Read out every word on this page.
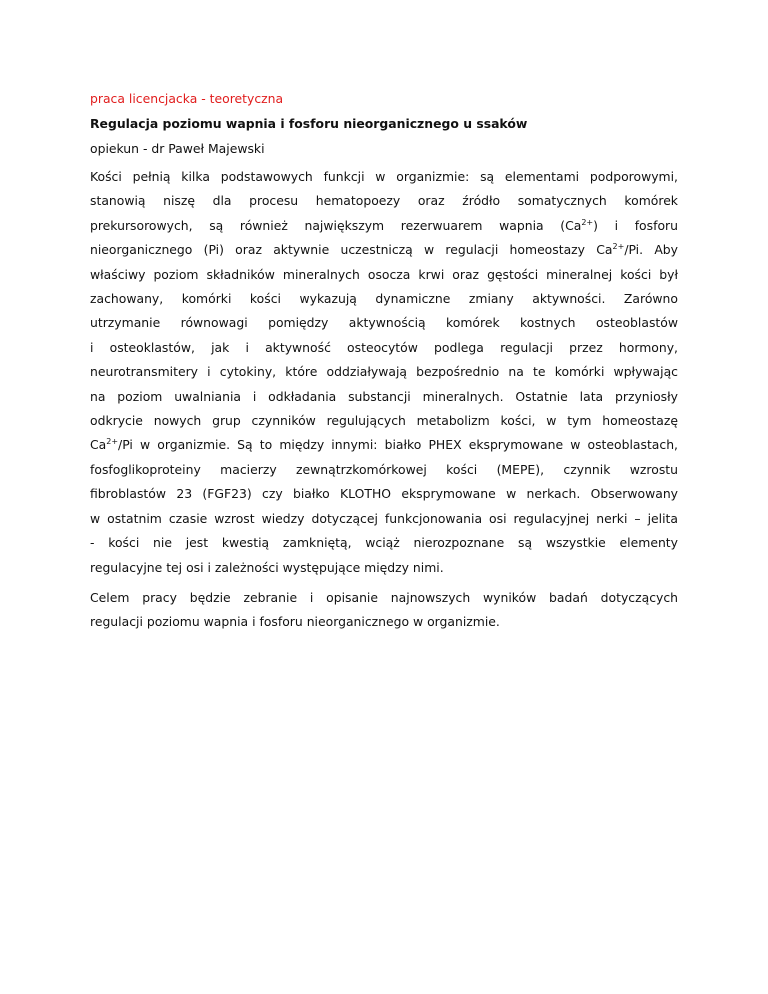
praca licencjacka - teoretyczna
Regulacja poziomu wapnia i fosforu nieorganicznego u ssaków
opiekun - dr Paweł Majewski
Kości pełnią kilka podstawowych funkcji w organizmie: są elementami podporowymi,
stanowią niszę dla procesu hematopoezy oraz źródło somatycznych komórek
prekursorowych, są również największym rezerwuarem wapnia $(Ca^{2+})$ i fosforu
nieorganicznego (Pi) oraz aktywnie uczestniczą w regulacji homeostazy $Ca^{2+}/Pi$. Aby
właściwy poziom składników mineralnych osocza krwi oraz gęstości mineralnej kości był
zachowany, komórki kości wykazują dynamiczne zmiany aktywności. Zarówno
utrzymanie równowagi pomiędzy aktywnością komórek kostnych osteoblastów
i osteoklastów, jak i aktywność osteocytów podlega regulacji przez hormony,
neurotransmitery i cytokiny, które oddziaływają bezpośrednio na te komórki wpływając
na poziom uwalniania i odkładania substancji mineralnych. Ostatnie lata przyniosły
odkrycie nowych grup czynników regulujących metabolizm kości, w tym homeostazę
$Ca^{2+}/Pi$ w organizmie. Są to między innymi: białko PHEX eksprymowane w osteoblastach,
fosfoglikoproteiny macierzy zewnątrzkomórkowej kości (MEPE), czynnik wzrostu
fibroblastów 23 (FGF23) czy białko KLOTHO eksprymowane w nerkach. Obserwowany
w ostatnim czasie wzrost wiedzy dotyczącej funkcjonowania osi regulacyjnej nerki – jelita
- kości nie jest kwestią zamkniętą, wciąż nierozpoznane są wszystkie elementy
regulacyjne tej osi i zależności występujące między nimi.
Celem pracy będzie zebranie i opisanie najnowszych wyników badań dotyczących
regulacji poziomu wapnia i fosforu nieorganicznego w organizmie.
